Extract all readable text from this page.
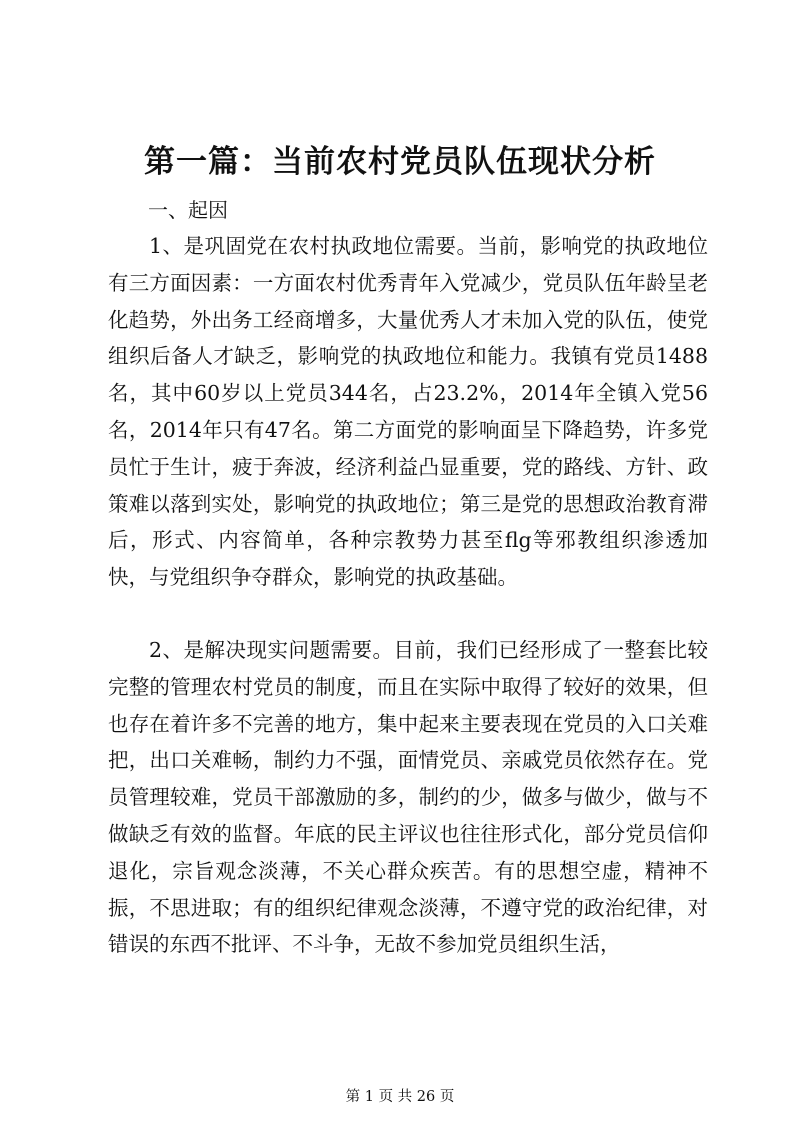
第一篇：当前农村党员队伍现状分析
一、起因
1、是巩固党在农村执政地位需要。当前，影响党的执政地位有三方面因素：一方面农村优秀青年入党减少，党员队伍年龄呈老化趋势，外出务工经商增多，大量优秀人才未加入党的队伍，使党组织后备人才缺乏，影响党的执政地位和能力。我镇有党员1488名，其中60岁以上党员344名，占23.2%，2014年全镇入党56名，2014年只有47名。第二方面党的影响面呈下降趋势，许多党员忙于生计，疲于奔波，经济利益凸显重要，党的路线、方针、政策难以落到实处，影响党的执政地位；第三是党的思想政治教育滞后，形式、内容简单，各种宗教势力甚至flg等邪教组织渗透加快，与党组织争夺群众，影响党的执政基础。
2、是解决现实问题需要。目前，我们已经形成了一整套比较完整的管理农村党员的制度，而且在实际中取得了较好的效果，但也存在着许多不完善的地方，集中起来主要表现在党员的入口关难把，出口关难畅，制约力不强，面情党员、亲戚党员依然存在。党员管理较难，党员干部激励的多，制约的少，做多与做少，做与不做缺乏有效的监督。年底的民主评议也往往形式化，部分党员信仰退化，宗旨观念淡薄，不关心群众疾苦。有的思想空虚，精神不振，不思进取；有的组织纪律观念淡薄，不遵守党的政治纪律，对错误的东西不批评、不斗争，无故不参加党员组织生活，
第 1 页 共 26 页
